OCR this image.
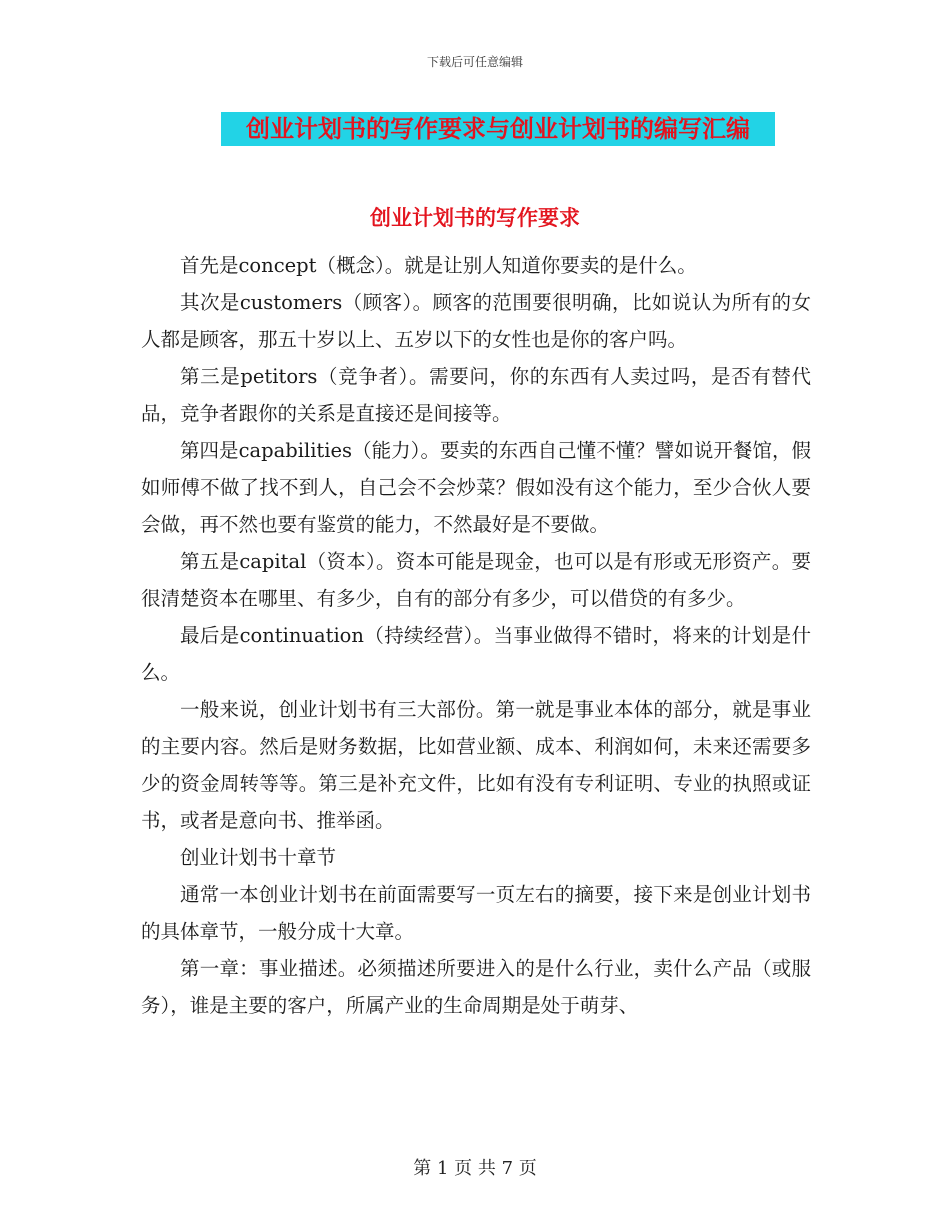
下载后可任意编辑
创业计划书的写作要求与创业计划书的编写汇编
创业计划书的写作要求

首先是concept（概念）。就是让别人知道你要卖的是什么。

其次是customers（顾客）。顾客的范围要很明确，比如说认为所有的女人都是顾客，那五十岁以上、五岁以下的女性也是你的客户吗。

第三是petitors（竞争者）。需要问，你的东西有人卖过吗，是否有替代品，竞争者跟你的关系是直接还是间接等。

第四是capabilities（能力）。要卖的东西自己懂不懂？譬如说开餐馆，假如师傅不做了找不到人，自己会不会炒菜？假如没有这个能力，至少合伙人要会做，再不然也要有鉴赏的能力，不然最好是不要做。

第五是capital（资本）。资本可能是现金，也可以是有形或无形资产。要很清楚资本在哪里、有多少，自有的部分有多少，可以借贷的有多少。

最后是continuation（持续经营）。当事业做得不错时，将来的计划是什么。

一般来说，创业计划书有三大部份。第一就是事业本体的部分，就是事业的主要内容。然后是财务数据，比如营业额、成本、利润如何，未来还需要多少的资金周转等等。第三是补充文件，比如有没有专利证明、专业的执照或证书，或者是意向书、推举函。

创业计划书十章节

通常一本创业计划书在前面需要写一页左右的摘要，接下来是创业计划书的具体章节，一般分成十大章。

第一章：事业描述。必须描述所要进入的是什么行业，卖什么产品（或服务），谁是主要的客户，所属产业的生命周期是处于萌芽、

第 1 页 共 7 页
